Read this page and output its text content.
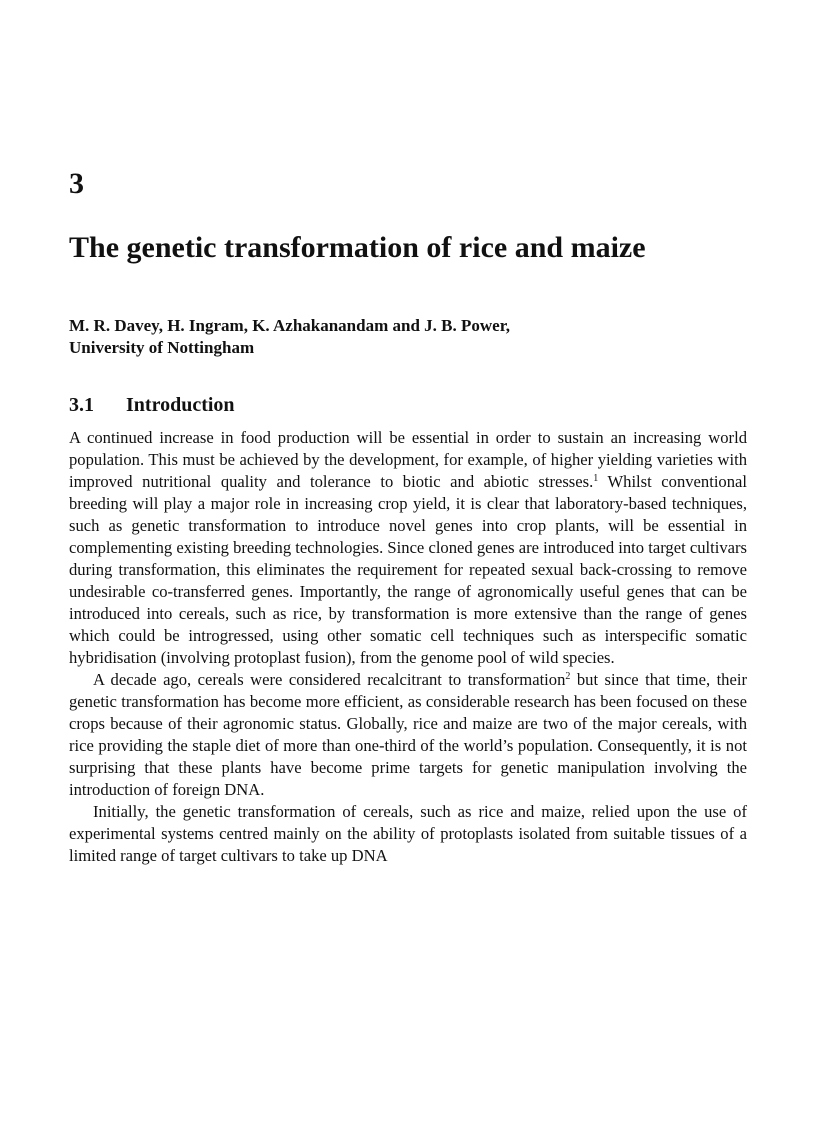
3
The genetic transformation of rice and maize
M. R. Davey, H. Ingram, K. Azhakanandam and J. B. Power,
University of Nottingham
3.1 Introduction

A continued increase in food production will be essential in order to sustain an increasing world population. This must be achieved by the development, for example, of higher yielding varieties with improved nutritional quality and tolerance to biotic and abiotic stresses.$^1$ Whilst conventional breeding will play a major role in increasing crop yield, it is clear that laboratory-based techniques, such as genetic transformation to introduce novel genes into crop plants, will be essential in complementing existing breeding technologies. Since cloned genes are introduced into target cultivars during transformation, this eliminates the requirement for repeated sexual back-crossing to remove undesirable co-transferred genes. Importantly, the range of agronomically useful genes that can be introduced into cereals, such as rice, by transformation is more extensive than the range of genes which could be introgressed, using other somatic cell techniques such as interspecific somatic hybridisation (involving protoplast fusion), from the genome pool of wild species.

A decade ago, cereals were considered recalcitrant to transformation$^2$ but since that time, their genetic transformation has become more efficient, as considerable research has been focused on these crops because of their agronomic status. Globally, rice and maize are two of the major cereals, with rice providing the staple diet of more than one-third of the world’s population. Consequently, it is not surprising that these plants have become prime targets for genetic manipulation involving the introduction of foreign DNA.

Initially, the genetic transformation of cereals, such as rice and maize, relied upon the use of experimental systems centred mainly on the ability of protoplasts isolated from suitable tissues of a limited range of target cultivars to take up DNA
